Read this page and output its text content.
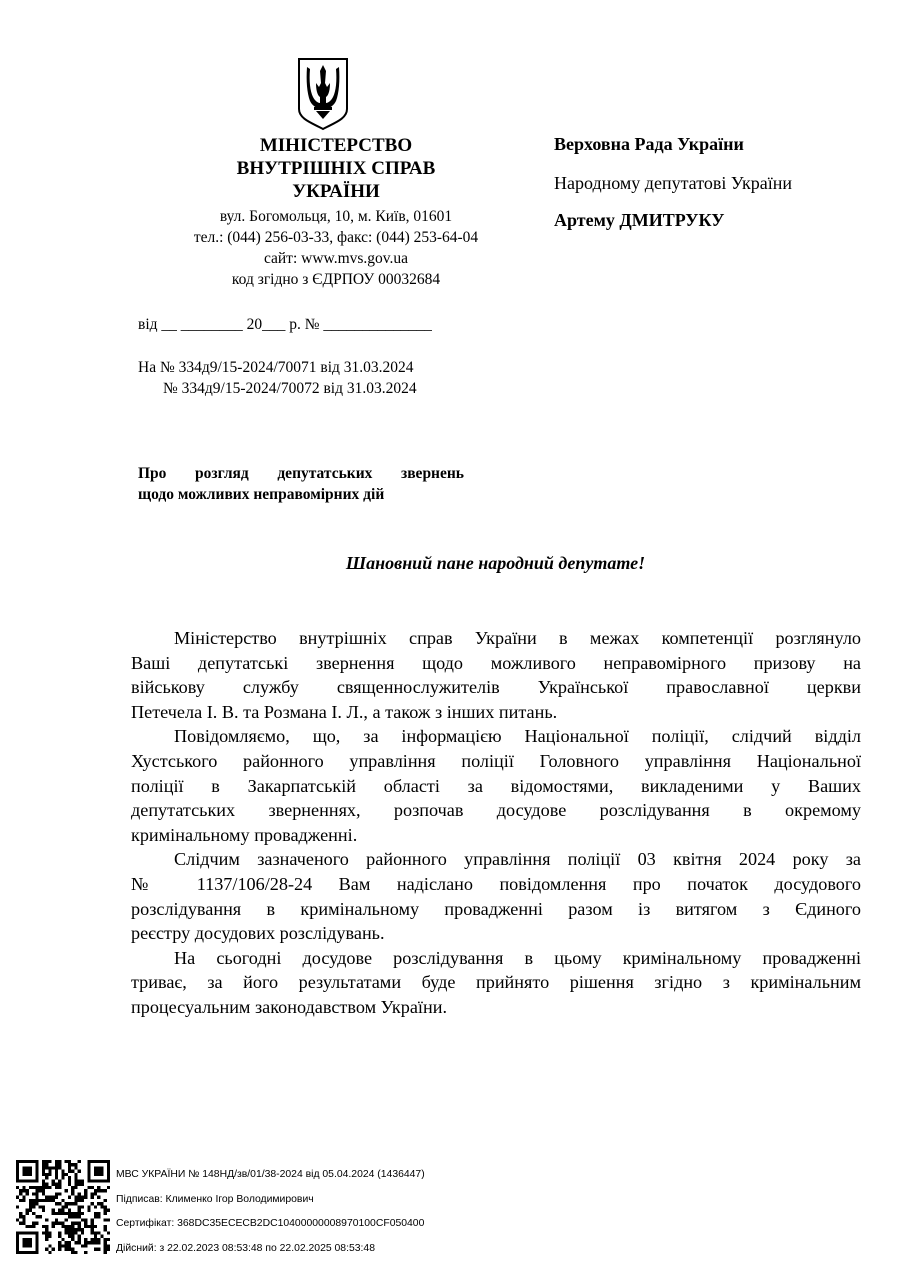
МІНІСТЕРСТВО
ВНУТРІШНІХ СПРАВ
УКРАЇНИ
вул. Богомольця, 10, м. Київ, 01601
тел.: (044) 256-03-33, факс: (044) 253-64-04
сайт: www.mvs.gov.ua
код згідно з ЄДРПОУ 00032684
Верховна Рада України
Народному депутатові України
Артему ДМИТРУКУ
від __ ________ 20___ р. № ______________
На № 334д9/15-2024/70071 від 31.03.2024
№ 334д9/15-2024/70072 від 31.03.2024
Про розгляд депутатських звернень
щодо можливих неправомірних дій
Шановний пане народний депутате!

Міністерство внутрішніх справ України в межах компетенції розглянуло
Ваші депутатські звернення щодо можливого неправомірного призову на
військову службу священнослужителів Української православної церкви
Петечела І. В. та Розмана І. Л., а також з інших питань.

Повідомляємо, що, за інформацією Національної поліції, слідчий відділ
Хустського районного управління поліції Головного управління Національної
поліції в Закарпатській області за відомостями, викладеними у Ваших
депутатських зверненнях, розпочав досудове розслідування в окремому
кримінальному провадженні.

Слідчим зазначеного районного управління поліції 03 квітня 2024 року за
№ 1137/106/28-24 Вам надіслано повідомлення про початок досудового
розслідування в кримінальному провадженні разом із витягом з Єдиного
реєстру досудових розслідувань.

На сьогодні досудове розслідування в цьому кримінальному провадженні
триває, за його результатами буде прийнято рішення згідно з кримінальним
процесуальним законодавством України.

МВС УКРАЇНИ № 148НД/зв/01/38-2024 від 05.04.2024 (1436447)
Підписав: Клименко Ігор Володимирович
Сертифікат: 368DC35ECECB2DC10400000008970100CF050400
Дійсний: з 22.02.2023 08:53:48 по 22.02.2025 08:53:48
